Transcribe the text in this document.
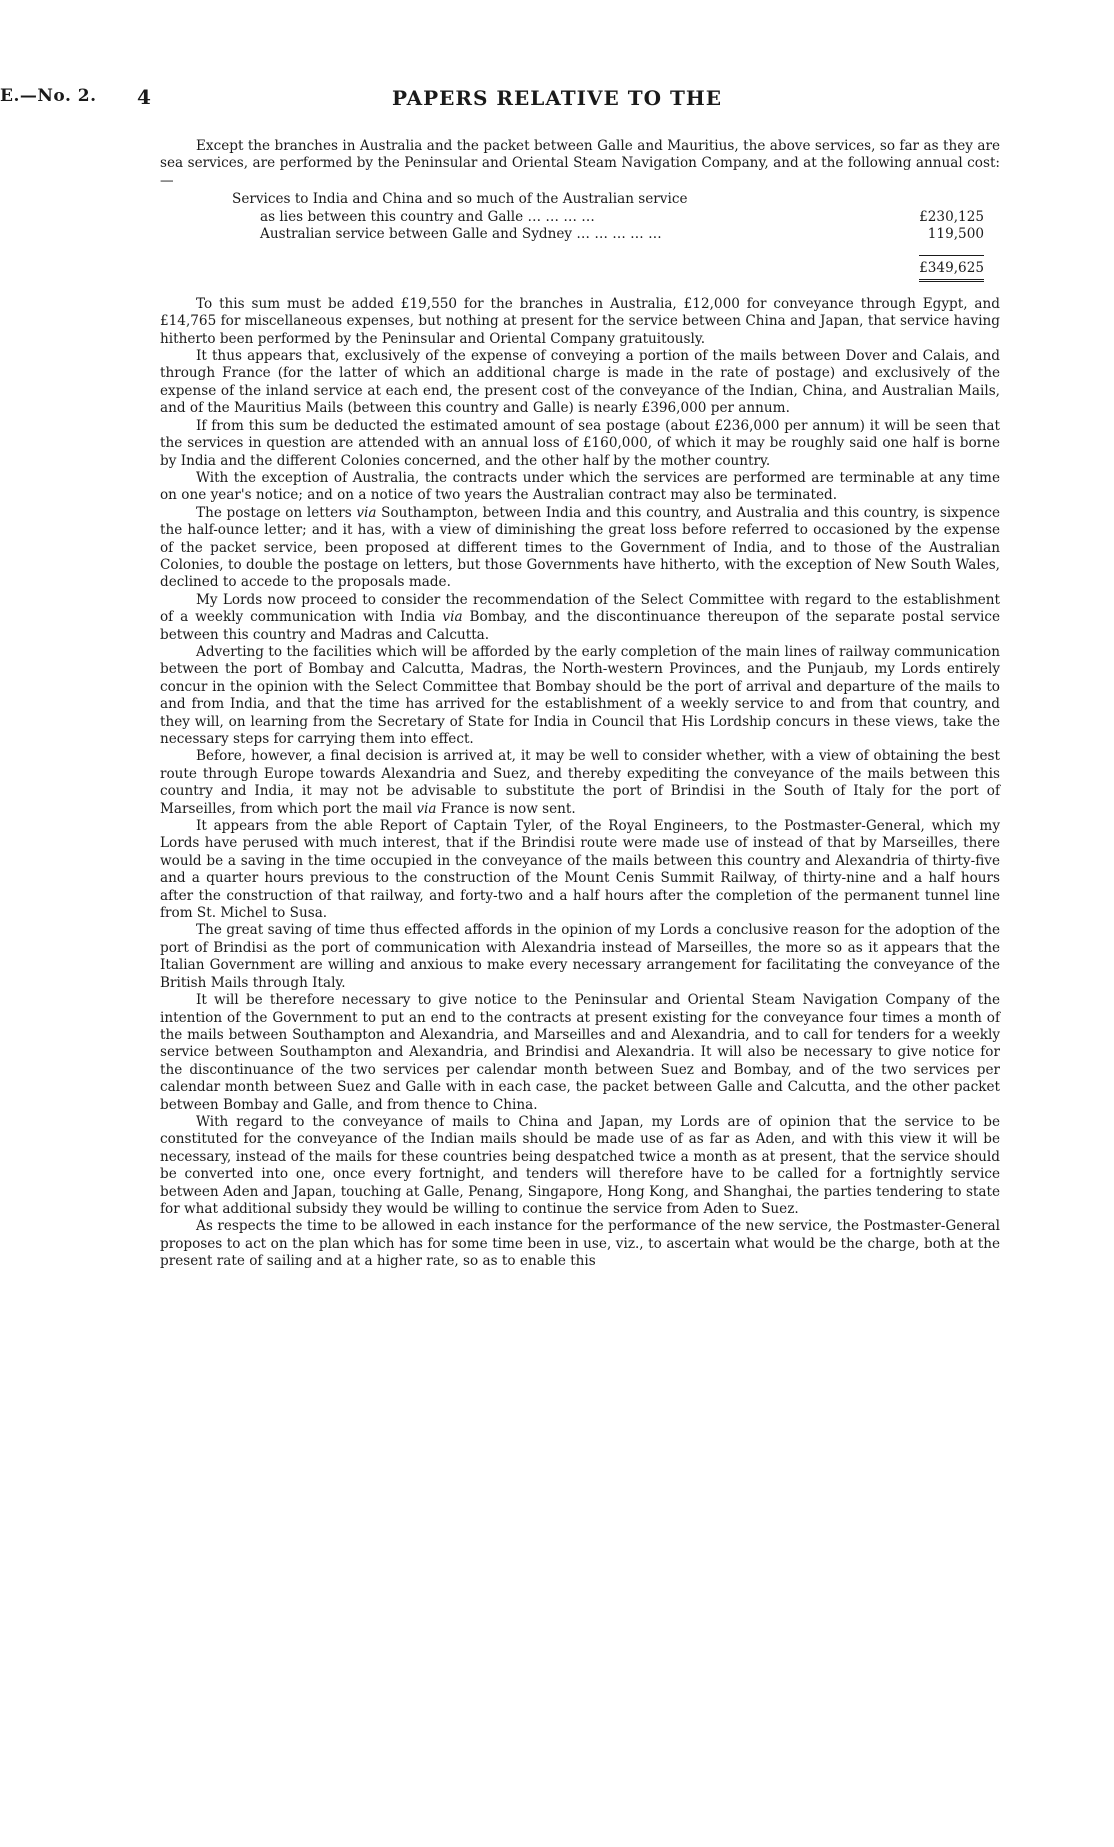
E.—No. 2. 4	PAPERS RELATIVE TO THE

Except the branches in Australia and the packet between Galle and Mauritius, the above services, so far as they are sea services, are performed by the Peninsular and Oriental Steam Navigation Company, and at the following annual cost:—

Services to India and China and so much of the Australian service
as lies between this country and Galle … … … …	£230,125

Australian service between Galle and Sydney … … … … …	119,500

	£349,625

To this sum must be added £19,550 for the branches in Australia, £12,000 for conveyance through Egypt, and £14,765 for miscellaneous expenses, but nothing at present for the service between China and Japan, that service having hitherto been performed by the Peninsular and Oriental Company gratuitously.

It thus appears that, exclusively of the expense of conveying a portion of the mails between Dover and Calais, and through France (for the latter of which an additional charge is made in the rate of postage) and exclusively of the expense of the inland service at each end, the present cost of the conveyance of the Indian, China, and Australian Mails, and of the Mauritius Mails (between this country and Galle) is nearly £396,000 per annum.

If from this sum be deducted the estimated amount of sea postage (about £236,000 per annum) it will be seen that the services in question are attended with an annual loss of £160,000, of which it may be roughly said one half is borne by India and the different Colonies concerned, and the other half by the mother country.

With the exception of Australia, the contracts under which the services are performed are terminable at any time on one year's notice; and on a notice of two years the Australian contract may also be terminated.

The postage on letters via Southampton, between India and this country, and Australia and this country, is sixpence the half-ounce letter; and it has, with a view of diminishing the great loss before referred to occasioned by the expense of the packet service, been proposed at different times to the Government of India, and to those of the Australian Colonies, to double the postage on letters, but those Governments have hitherto, with the exception of New South Wales, declined to accede to the proposals made.

My Lords now proceed to consider the recommendation of the Select Committee with regard to the establishment of a weekly communication with India via Bombay, and the discontinuance thereupon of the separate postal service between this country and Madras and Calcutta.

Adverting to the facilities which will be afforded by the early completion of the main lines of railway communication between the port of Bombay and Calcutta, Madras, the North-western Provinces, and the Punjaub, my Lords entirely concur in the opinion with the Select Committee that Bombay should be the port of arrival and departure of the mails to and from India, and that the time has arrived for the establishment of a weekly service to and from that country, and they will, on learning from the Secretary of State for India in Council that His Lordship concurs in these views, take the necessary steps for carrying them into effect.

Before, however, a final decision is arrived at, it may be well to consider whether, with a view of obtaining the best route through Europe towards Alexandria and Suez, and thereby expediting the conveyance of the mails between this country and India, it may not be advisable to substitute the port of Brindisi in the South of Italy for the port of Marseilles, from which port the mail via France is now sent.

It appears from the able Report of Captain Tyler, of the Royal Engineers, to the Postmaster-General, which my Lords have perused with much interest, that if the Brindisi route were made use of instead of that by Marseilles, there would be a saving in the time occupied in the conveyance of the mails between this country and Alexandria of thirty-five and a quarter hours previous to the construction of the Mount Cenis Summit Railway, of thirty-nine and a half hours after the construction of that railway, and forty-two and a half hours after the completion of the permanent tunnel line from St. Michel to Susa.

The great saving of time thus effected affords in the opinion of my Lords a conclusive reason for the adoption of the port of Brindisi as the port of communication with Alexandria instead of Marseilles, the more so as it appears that the Italian Government are willing and anxious to make every necessary arrangement for facilitating the conveyance of the British Mails through Italy.

It will be therefore necessary to give notice to the Peninsular and Oriental Steam Navigation Company of the intention of the Government to put an end to the contracts at present existing for the conveyance four times a month of the mails between Southampton and Alexandria, and Marseilles and and Alexandria, and to call for tenders for a weekly service between Southampton and Alexandria, and Brindisi and Alexandria. It will also be necessary to give notice for the discontinuance of the two services per calendar month between Suez and Bombay, and of the two services per calendar month between Suez and Galle with in each case, the packet between Galle and Calcutta, and the other packet between Bombay and Galle, and from thence to China.

With regard to the conveyance of mails to China and Japan, my Lords are of opinion that the service to be constituted for the conveyance of the Indian mails should be made use of as far as Aden, and with this view it will be necessary, instead of the mails for these countries being despatched twice a month as at present, that the service should be converted into one, once every fortnight, and tenders will therefore have to be called for a fortnightly service between Aden and Japan, touching at Galle, Penang, Singapore, Hong Kong, and Shanghai, the parties tendering to state for what additional subsidy they would be willing to continue the service from Aden to Suez.

As respects the time to be allowed in each instance for the performance of the new service, the Postmaster-General proposes to act on the plan which has for some time been in use, viz., to ascertain what would be the charge, both at the present rate of sailing and at a higher rate, so as to enable this
